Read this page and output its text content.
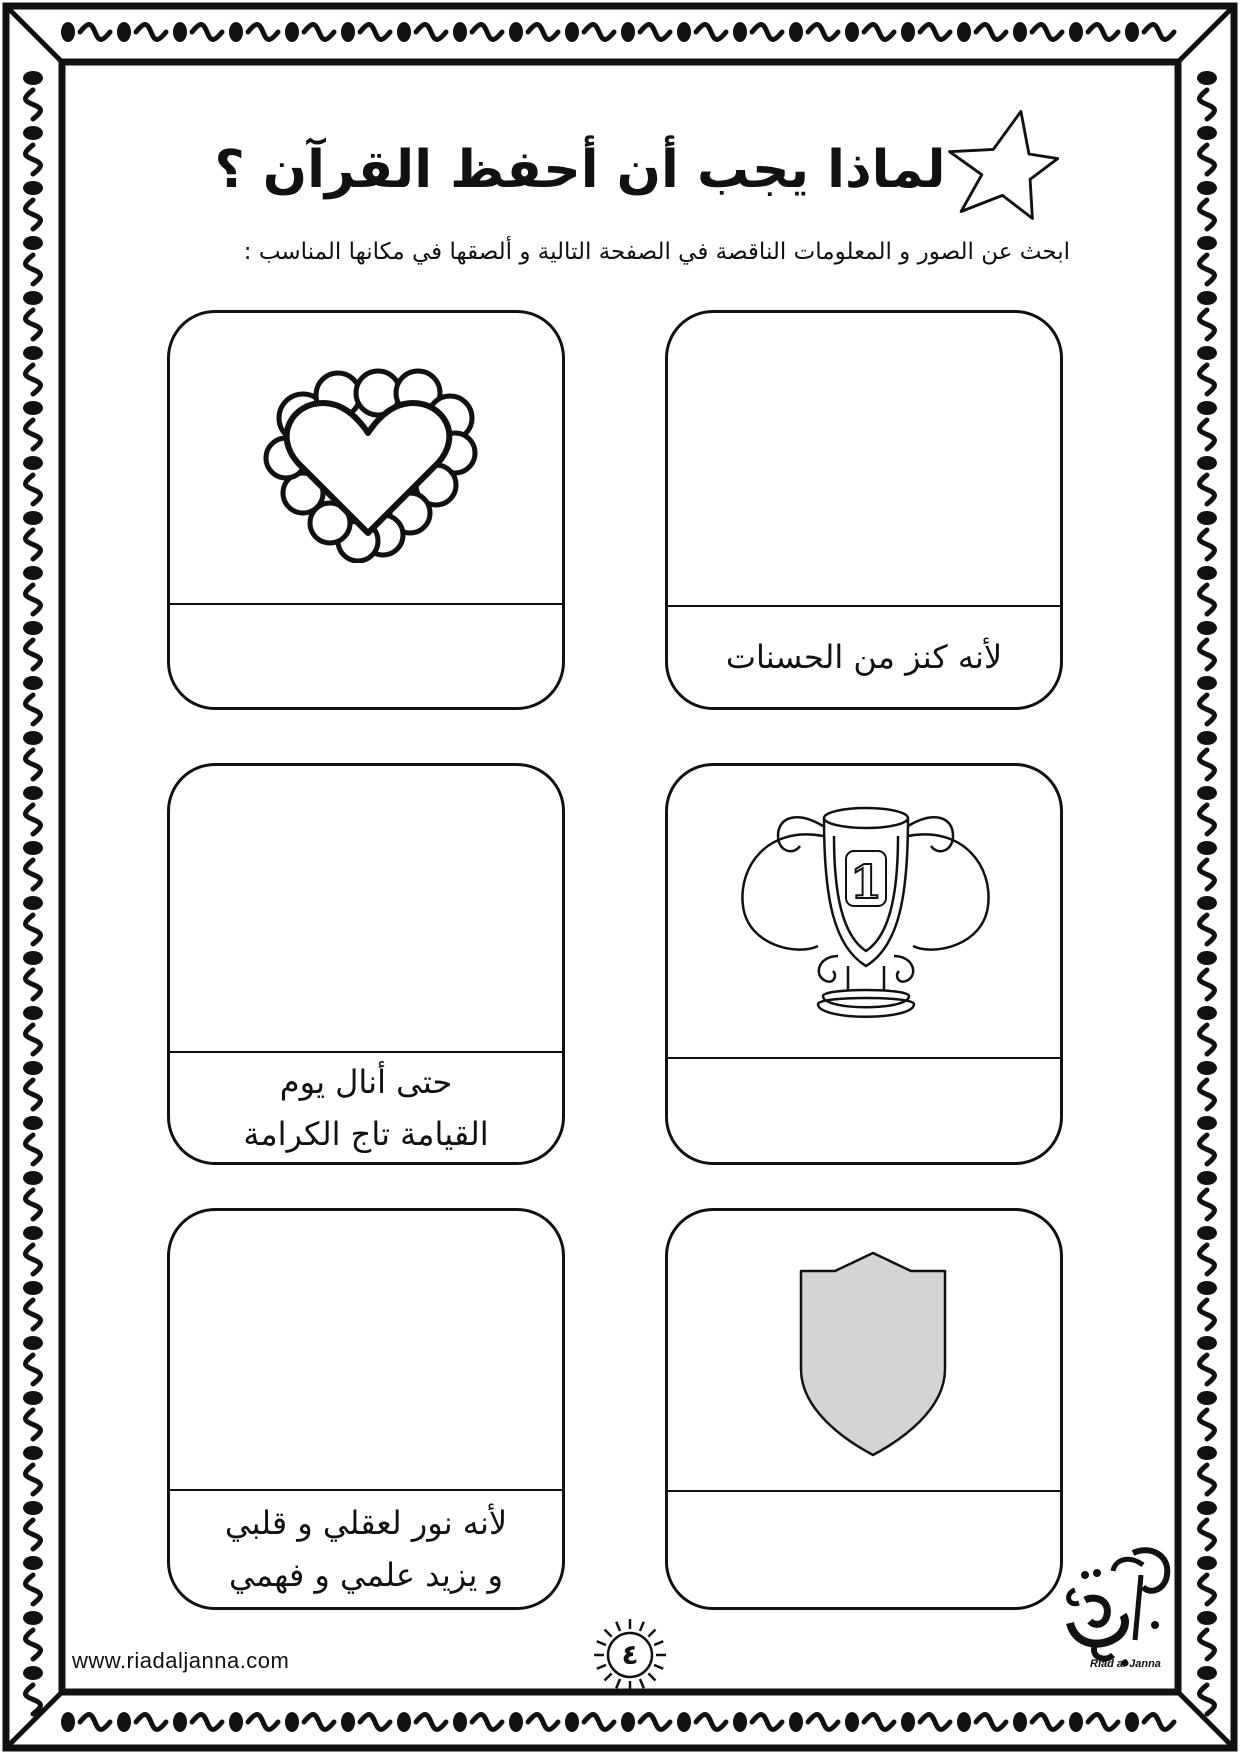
لماذا يجب أن أحفظ القرآن ؟
ابحث عن الصور و المعلومات الناقصة في الصفحة التالية و ألصقها في مكانها المناسب :
لأنه كنز من الحسنات
حتى أنال يوم
القيامة تاج الكرامة
1
لأنه نور لعقلي و قلبي
و يزيد علمي و فهمي
www.riadaljanna.com	٤	Riad al Janna
